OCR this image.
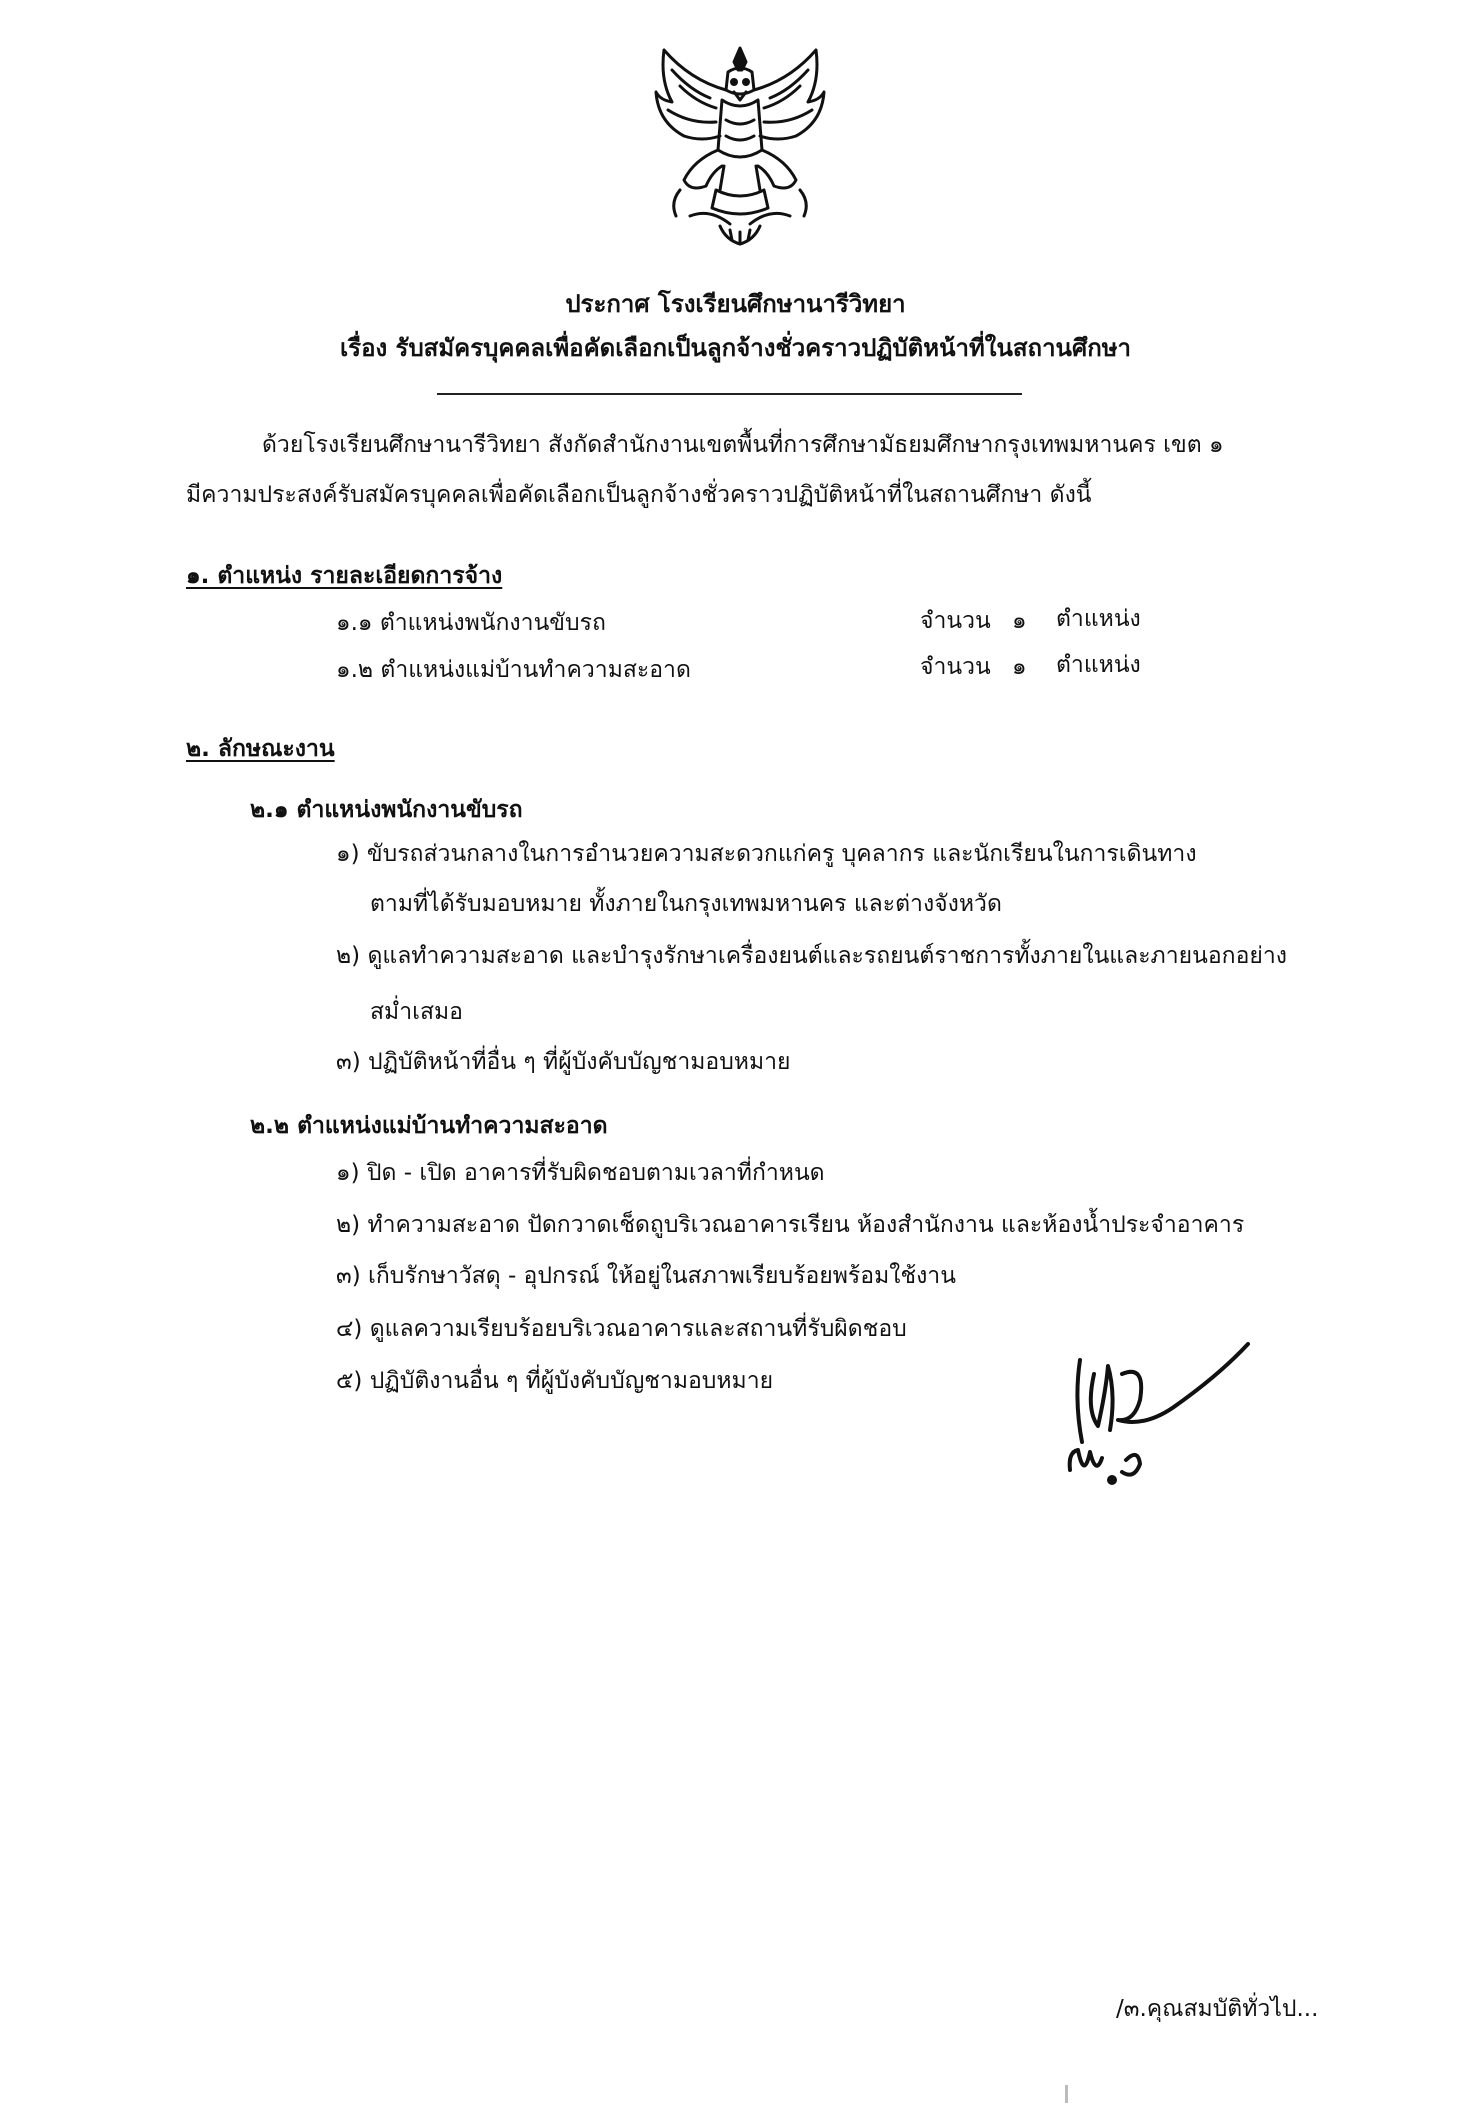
ประกาศ โรงเรียนศึกษานารีวิทยา
เรื่อง รับสมัครบุคคลเพื่อคัดเลือกเป็นลูกจ้างชั่วคราวปฏิบัติหน้าที่ในสถานศึกษา
ด้วยโรงเรียนศึกษานารีวิทยา สังกัดสำนักงานเขตพื้นที่การศึกษามัธยมศึกษากรุงเทพมหานคร เขต ๑
มีความประสงค์รับสมัครบุคคลเพื่อคัดเลือกเป็นลูกจ้างชั่วคราวปฏิบัติหน้าที่ในสถานศึกษา ดังนี้
๑. ตำแหน่ง รายละเอียดการจ้าง
๑.๑ ตำแหน่งพนักงานขับรถ	จำนวน ๑ ตำแหน่ง
๑.๒ ตำแหน่งแม่บ้านทำความสะอาด	จำนวน ๑ ตำแหน่ง
๒. ลักษณะงาน
๒.๑ ตำแหน่งพนักงานขับรถ
๑) ขับรถส่วนกลางในการอำนวยความสะดวกแก่ครู บุคลากร และนักเรียนในการเดินทาง
ตามที่ได้รับมอบหมาย ทั้งภายในกรุงเทพมหานคร และต่างจังหวัด
๒) ดูแลทำความสะอาด และบำรุงรักษาเครื่องยนต์และรถยนต์ราชการทั้งภายในและภายนอกอย่าง
สม่ำเสมอ
๓) ปฏิบัติหน้าที่อื่น ๆ ที่ผู้บังคับบัญชามอบหมาย
๒.๒ ตำแหน่งแม่บ้านทำความสะอาด
๑) ปิด - เปิด อาคารที่รับผิดชอบตามเวลาที่กำหนด
๒) ทำความสะอาด ปัดกวาดเช็ดถูบริเวณอาคารเรียน ห้องสำนักงาน และห้องน้ำประจำอาคาร
๓) เก็บรักษาวัสดุ - อุปกรณ์ ให้อยู่ในสภาพเรียบร้อยพร้อมใช้งาน
๔) ดูแลความเรียบร้อยบริเวณอาคารและสถานที่รับผิดชอบ
๕) ปฏิบัติงานอื่น ๆ ที่ผู้บังคับบัญชามอบหมาย
/๓.คุณสมบัติทั่วไป...
